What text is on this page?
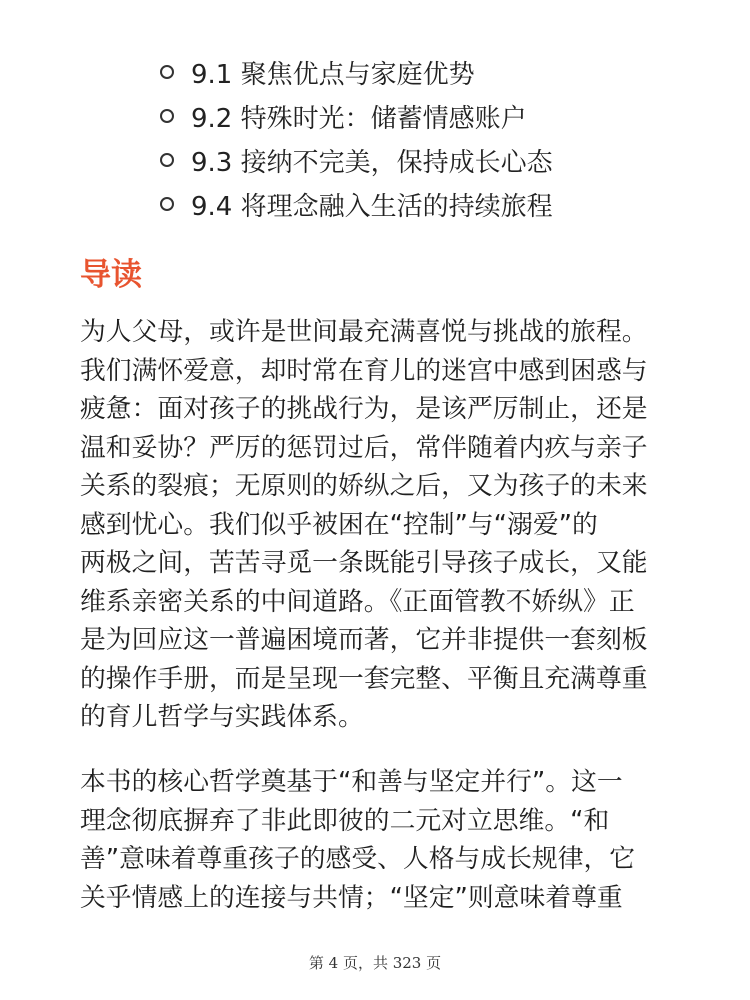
9.1 聚焦优点与家庭优势
9.2 特殊时光：储蓄情感账户
9.3 接纳不完美，保持成长心态
9.4 将理念融入生活的持续旅程
导读

为人父母，或许是世间最充满喜悦与挑战的旅程。
我们满怀爱意，却时常在育儿的迷宫中感到困惑与
疲惫：面对孩子的挑战行为，是该严厉制止，还是
温和妥协？严厉的惩罚过后，常伴随着内疚与亲子
关系的裂痕；无原则的娇纵之后，又为孩子的未来
感到忧心。我们似乎被困在“控制”与“溺爱”的
两极之间，苦苦寻觅一条既能引导孩子成长，又能
维系亲密关系的中间道路。《正面管教不娇纵》正
是为回应这一普遍困境而著，它并非提供一套刻板
的操作手册，而是呈现一套完整、平衡且充满尊重
的育儿哲学与实践体系。

本书的核心哲学奠基于“和善与坚定并行”。这一
理念彻底摒弃了非此即彼的二元对立思维。“和
善”意味着尊重孩子的感受、人格与成长规律，它
关乎情感上的连接与共情；“坚定”则意味着尊重

第 4 页，共 323 页
